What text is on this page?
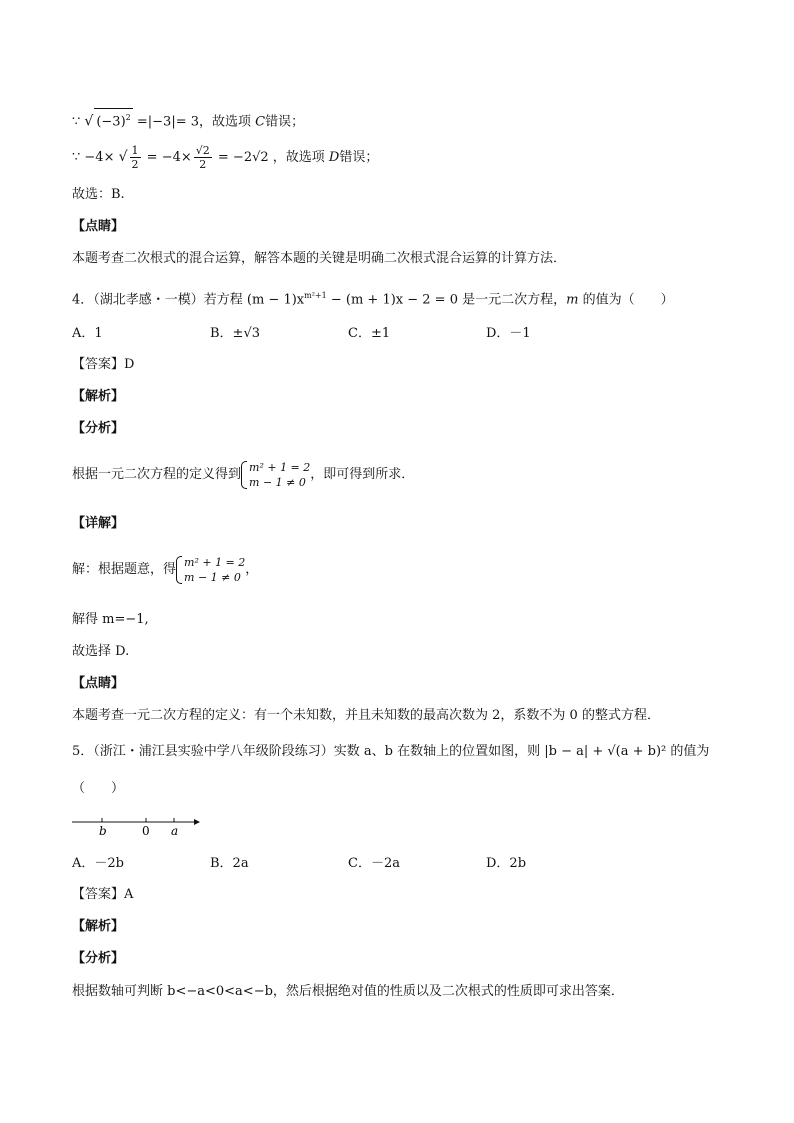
∵ √ $(-3)^2 =|-3|= 3$，故选项 C错误；
∵ −4× √ $\frac{1}{2} = -4\times \frac{√2}{2} = -2√2$ ，故选项 D错误；
故选：B.
【点睛】
本题考查二次根式的混合运算，解答本题的关键是明确二次根式混合运算的计算方法．
4．（湖北孝感・一模）若方程 $(m - 1)x^{m^2+1} - (m + 1)x - 2 = 0$ 是一元二次方程，m 的值为（　　）
A．1	B．±√3	C．±1	D．－1
【答案】D
【解析】
【分析】
根据一元二次方程的定义得到 m² + 1 = 2
m − 1 ≠ 0 ，即可得到所求．
【详解】
解：根据题意，得 m² + 1 = 2
m − 1 ≠ 0 ，
解得 m=−1,
故选择 D.
【点睛】
本题考查一元二次方程的定义：有一个未知数，并且未知数的最高次数为 2，系数不为 0 的整式方程．
5．（浙江・浦江县实验中学八年级阶段练习）实数 a、b 在数轴上的位置如图，则 |b − a| + √(a + b)² 的值为
（　　）
b	0 a
A．－2b	B．2a	C．－2a	D．2b
【答案】A
【解析】
【分析】
根据数轴可判断 b<−a<0<a<−b，然后根据绝对值的性质以及二次根式的性质即可求出答案．
